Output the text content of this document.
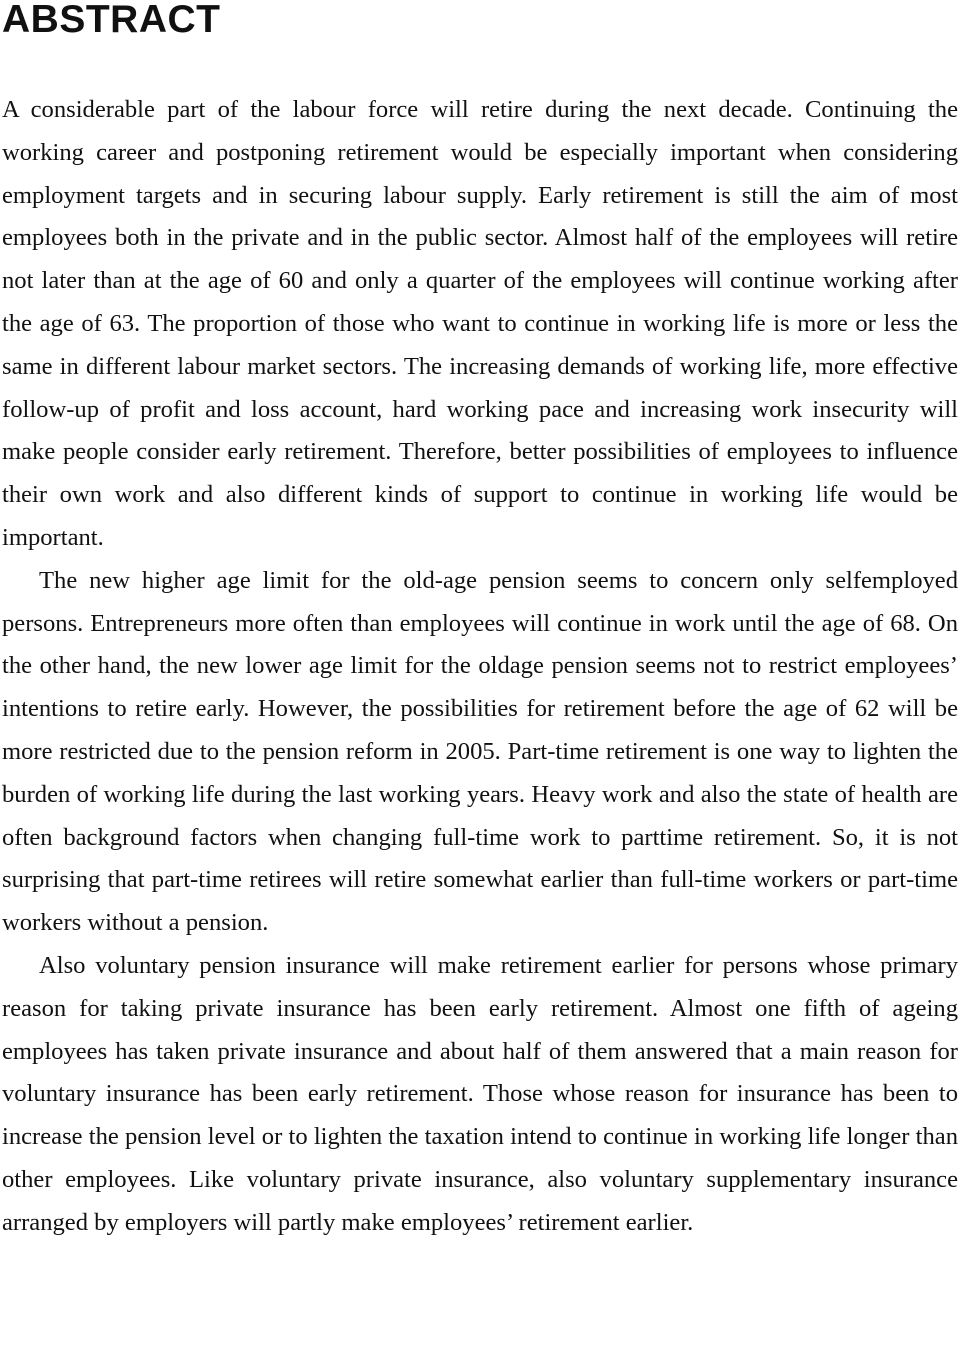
ABSTRACT

A considerable part of the labour force will retire during the next decade. Continuing the working career and postponing retirement would be especially important when considering employment targets and in securing labour supply. Early retirement is still the aim of most employees both in the private and in the public sector. Almost half of the employees will retire not later than at the age of 60 and only a quarter of the employees will continue working after the age of 63. The proportion of those who want to continue in working life is more or less the same in different labour market sectors. The increasing demands of working life, more effective follow-up of profit and loss account, hard working pace and increasing work insecurity will make people consider early retirement. Therefore, better possibilities of employees to influence their own work and also different kinds of support to continue in working life would be important.

The new higher age limit for the old-age pension seems to concern only selfemployed persons. Entrepreneurs more often than employees will continue in work until the age of 68. On the other hand, the new lower age limit for the oldage pension seems not to restrict employees’ intentions to retire early. However, the possibilities for retirement before the age of 62 will be more restricted due to the pension reform in 2005. Part-time retirement is one way to lighten the burden of working life during the last working years. Heavy work and also the state of health are often background factors when changing full-time work to parttime retirement. So, it is not surprising that part-time retirees will retire somewhat earlier than full-time workers or part-time workers without a pension.

Also voluntary pension insurance will make retirement earlier for persons whose primary reason for taking private insurance has been early retirement. Almost one fifth of ageing employees has taken private insurance and about half of them answered that a main reason for voluntary insurance has been early retirement. Those whose reason for insurance has been to increase the pension level or to lighten the taxation intend to continue in working life longer than other employees. Like voluntary private insurance, also voluntary supplementary insurance arranged by employers will partly make employees’ retirement earlier.
